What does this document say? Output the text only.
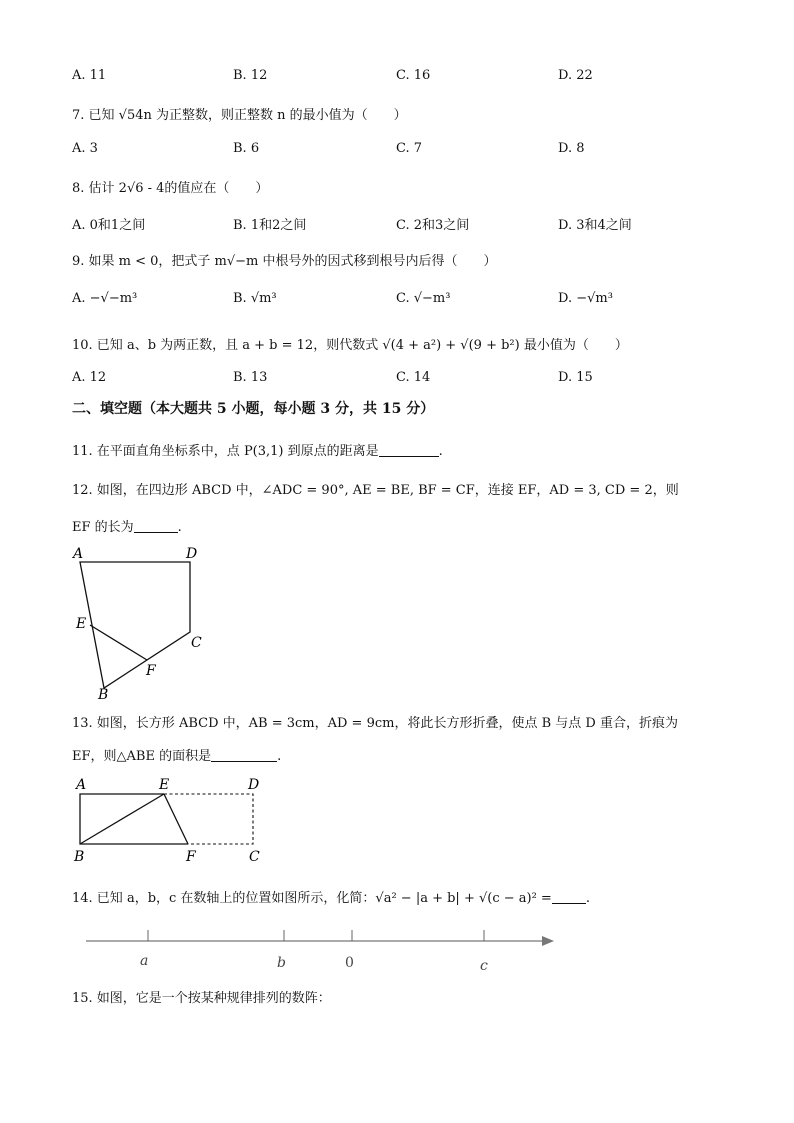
A. 11	B. 12	C. 16	D. 22
7. 已知 √54n 为正整数，则正整数 n 的最小值为（　　）
A. 3	B. 6	C. 7	D. 8
8. 估计 2√6 - 4的值应在（　　）
A. 0和1之间	B. 1和2之间	C. 2和3之间	D. 3和4之间
9. 如果 m < 0，把式子 m√−m 中根号外的因式移到根号内后得（　　）
A. −√−m³	B. √m³	C. √−m³	D. −√m³
10. 已知 a、b 为两正数，且 a + b = 12，则代数式 √(4 + a²) + √(9 + b²) 最小值为（　　）
A. 12	B. 13	C. 14	D. 15
二、填空题（本大题共 5 小题，每小题 3 分，共 15 分）
11. 在平面直角坐标系中，点 P(3,1) 到原点的距离是	.
12. 如图，在四边形 ABCD 中，∠ADC = 90°, AE = BE, BF = CF，连接 EF，AD = 3, CD = 2，则
EF 的长为	.
A	D
E
C
F
B
13. 如图，长方形 ABCD 中，AB = 3cm，AD = 9cm，将此长方形折叠，使点 B 与点 D 重合，折痕为
EF，则△ABE 的面积是	.
A	E	D
B	F	C
14. 已知 a，b，c 在数轴上的位置如图所示，化简：√a² − |a + b| + √(c − a)² =	.
a	b	0	c
15. 如图，它是一个按某种规律排列的数阵：
